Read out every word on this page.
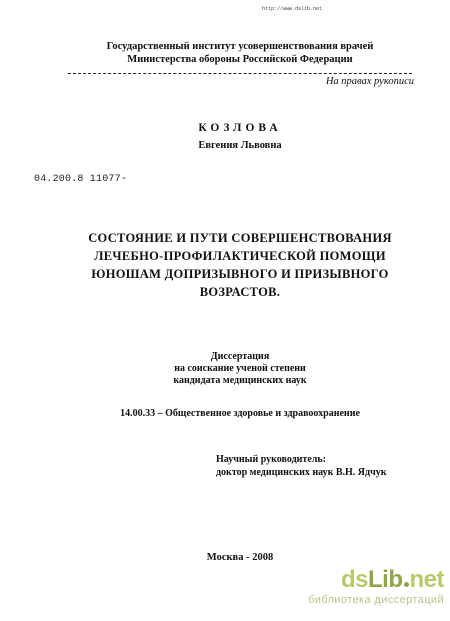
http://www.dslib.net
Государственный институт усовершенствования врачей
Министерства обороны Российской Федерации
На правах рукописи
КОЗЛОВА
Евгения Львовна
04.200.8 11077-
СОСТОЯНИЕ И ПУТИ СОВЕРШЕНСТВОВАНИЯ
ЛЕЧЕБНО-ПРОФИЛАКТИЧЕСКОЙ ПОМОЩИ
ЮНОШАМ ДОПРИЗЫВНОГО И ПРИЗЫВНОГО
ВОЗРАСТОВ.
Диссертация
на соискание ученой степени
кандидата медицинских наук
14.00.33 – Общественное здоровье и здравоохранение
Научный руководитель:
доктор медицинских наук В.Н. Ядчук
Москва - 2008
ds Lib net
библиотека диссертаций
